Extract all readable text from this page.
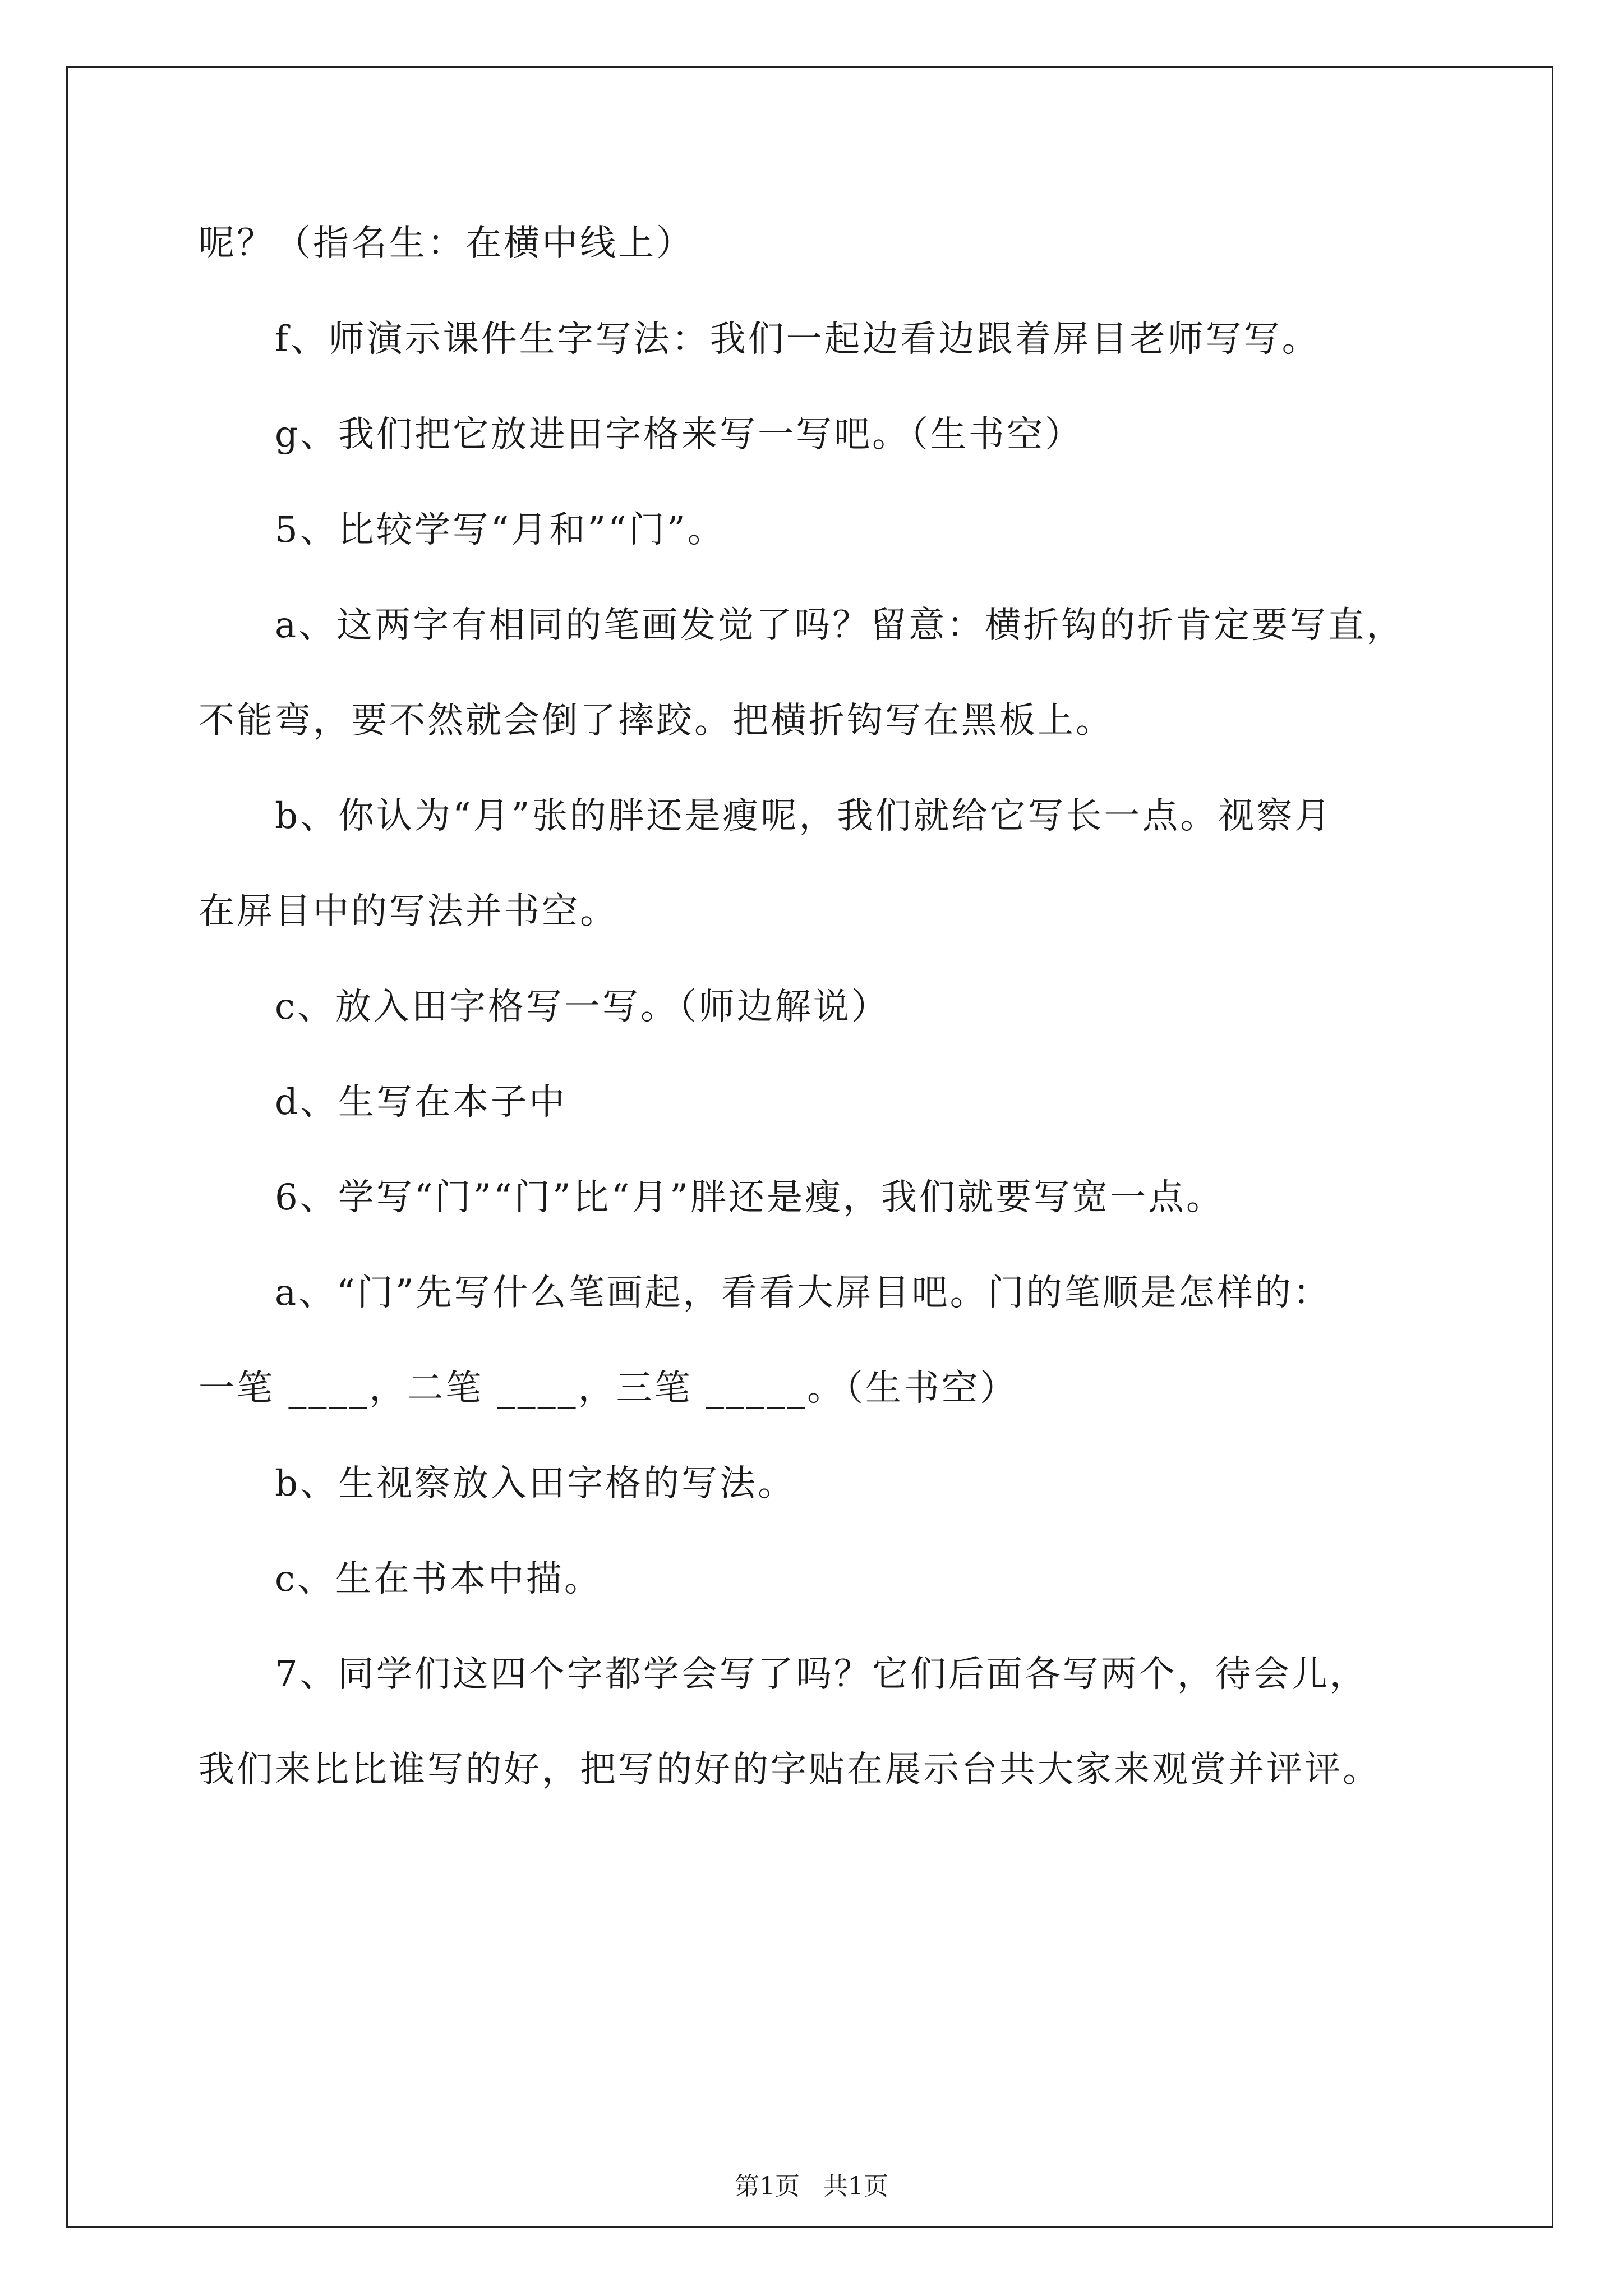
呢？（指名生：在横中线上）
f、师演示课件生字写法：我们一起边看边跟着屏目老师写写。
g、我们把它放进田字格来写一写吧。（生书空）
5、比较学写“月和”“门”。
a、这两字有相同的笔画发觉了吗？留意：横折钩的折肯定要写直，
不能弯，要不然就会倒了摔跤。把横折钩写在黑板上。
b、你认为“月”张的胖还是瘦呢，我们就给它写长一点。视察月
在屏目中的写法并书空。
c、放入田字格写一写。（师边解说）
d、生写在本子中
6、学写“门”“门”比“月”胖还是瘦，我们就要写宽一点。
a、“门”先写什么笔画起，看看大屏目吧。门的笔顺是怎样的：
一笔 ____，二笔 ____，三笔 _____。（生书空）
b、生视察放入田字格的写法。
c、生在书本中描。
7、同学们这四个字都学会写了吗？它们后面各写两个，待会儿，
我们来比比谁写的好，把写的好的字贴在展示台共大家来观赏并评评。
第1页   共1页
